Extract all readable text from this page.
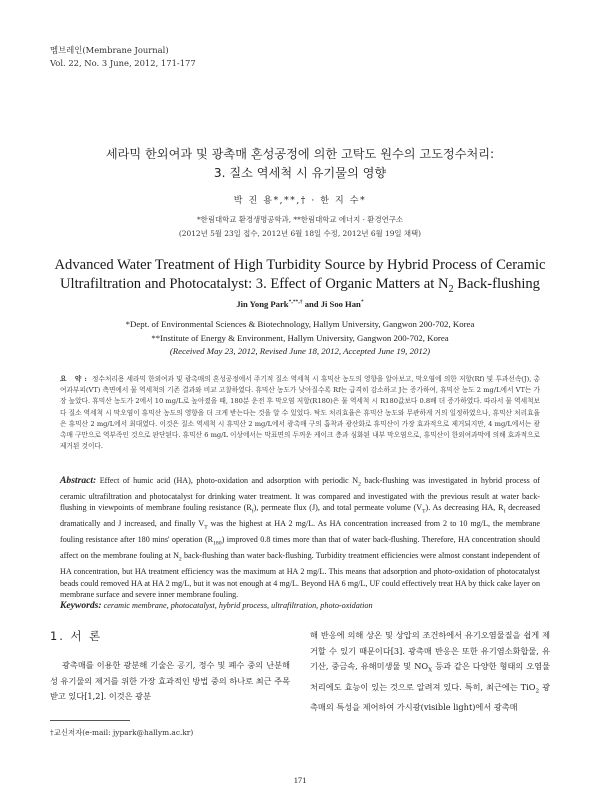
멤브레인(Membrane Journal)
Vol. 22, No. 3 June, 2012, 171-177
세라믹 한외여과 및 광촉매 혼성공정에 의한 고탁도 원수의 고도정수처리:
3. 질소 역세척 시 유기물의 영향
박 진 용*,**,† · 한 지 수*
*한림대학교 환경생명공학과, **한림대학교 에너지 · 환경연구소
(2012년 5월 23일 접수, 2012년 6월 18일 수정, 2012년 6월 19일 채택)
Advanced Water Treatment of High Turbidity Source by Hybrid Process of Ceramic
Ultrafiltration and Photocatalyst: 3. Effect of Organic Matters at $N_2$ Back-flushing
Jin Yong Park*,**,† and Ji Soo Han*
*Dept. of Environmental Sciences & Biotechnology, Hallym University, Gangwon 200-702, Korea
**Institute of Energy & Environment, Hallym University, Gangwon 200-702, Korea
(Received May 23, 2012, Revised June 18, 2012, Accepted June 19, 2012)
요 약: 정수처리용 세라믹 한외여과 및 광촉매의 혼성공정에서 주기적 질소 역세척 시 휴믹산 농도의 영향을 알아보고, 막오염에 의한 저항(Rf) 및 투과선속(J), 총여과부피(VT) 측면에서 물 역세척의 기존 결과와 비교 고찰하였다. 휴믹산 농도가 낮아질수록 Rf는 급격히 감소하고 J는 증가하여, 휴믹산 농도 2 mg/L에서 VT는 가장 높았다. 휴믹산 농도가 2에서 10 mg/L로 높아졌을 때, 180분 운전 후 막오염 저항(R180)은 물 역세척 시 R180값보다 0.8배 더 증가하였다. 따라서 물 역세척보다 질소 역세척 시 막오염이 휴믹산 농도의 영향을 더 크게 받는다는 것을 알 수 있었다. 탁도 처리효율은 휴믹산 농도와 무관하게 거의 일정하였으나, 휴믹산 처리효율은 휴믹산 2 mg/L에서 최대였다. 이것은 질소 역세척 시 휴믹산 2 mg/L에서 광촉매 구의 흡착과 광산화로 휴믹산이 가장 효과적으로 제거되지만, 4 mg/L에서는 광촉매 구만으로 역부족인 것으로 판단된다. 휴믹산 6 mg/L 이상에서는 막표면의 두꺼운 케이크 층과 심화된 내부 막오염으로, 휴믹산이 한외여과막에 의해 효과적으로 제거된 것이다.
Abstract: Effect of humic acid (HA), photo-oxidation and adsorption with periodic $N_2$ back-flushing was investigated in hybrid process of ceramic ultrafiltration and photocatalyst for drinking water treatment. It was compared and investigated with the previous result at water back-flushing in viewpoints of membrane fouling resistance $(R_f)$, permeate flux (J), and total permeate volume $(V_T)$. As decreasing HA, $R_f$ decreased dramatically and J increased, and finally $V_T$ was the highest at HA 2 mg/L. As HA concentration increased from 2 to 10 mg/L, the membrane fouling resistance after 180 mins' operation $(R_{180})$ improved 0.8 times more than that of water back-flushing. Therefore, HA concentration should affect on the membrane fouling at $N_2$ back-flushing than water back-flushing. Turbidity treatment efficiencies were almost constant independent of HA concentration, but HA treatment efficiency was the maximum at HA 2 mg/L. This means that adsorption and photo-oxidation of photocatalyst beads could removed HA at HA 2 mg/L, but it was not enough at 4 mg/L. Beyond HA 6 mg/L, UF could effectively treat HA by thick cake layer on membrane surface and severe inner membrane fouling.
Keywords: ceramic membrane, photocatalyst, hybrid process, ultrafiltration, photo-oxidation
1. 서 론
광촉매를 이용한 광분해 기술은 공기, 정수 및 폐수 중의 난분해성 유기물의 제거를 위한 가장 효과적인 방법 중의 하나로 최근 주목받고 있다[1,2]. 이것은 광분
†교신저자(e-mail: jypark@hallym.ac.kr)
해 반응에 의해 상온 및 상압의 조건하에서 유기오염물질을 쉽게 제거할 수 있기 때문이다[3]. 광촉매 반응은 또한 유기염소화합물, 유기산, 중금속, 유해미생물 및 $NO_X$ 등과 같은 다양한 형태의 오염물 처리에도 효능이 있는 것으로 알려져 있다. 특히, 최근에는 TiO$_2$ 광촉매의 특성을 제어하여 가시광(visible light)에서 광촉매
171
